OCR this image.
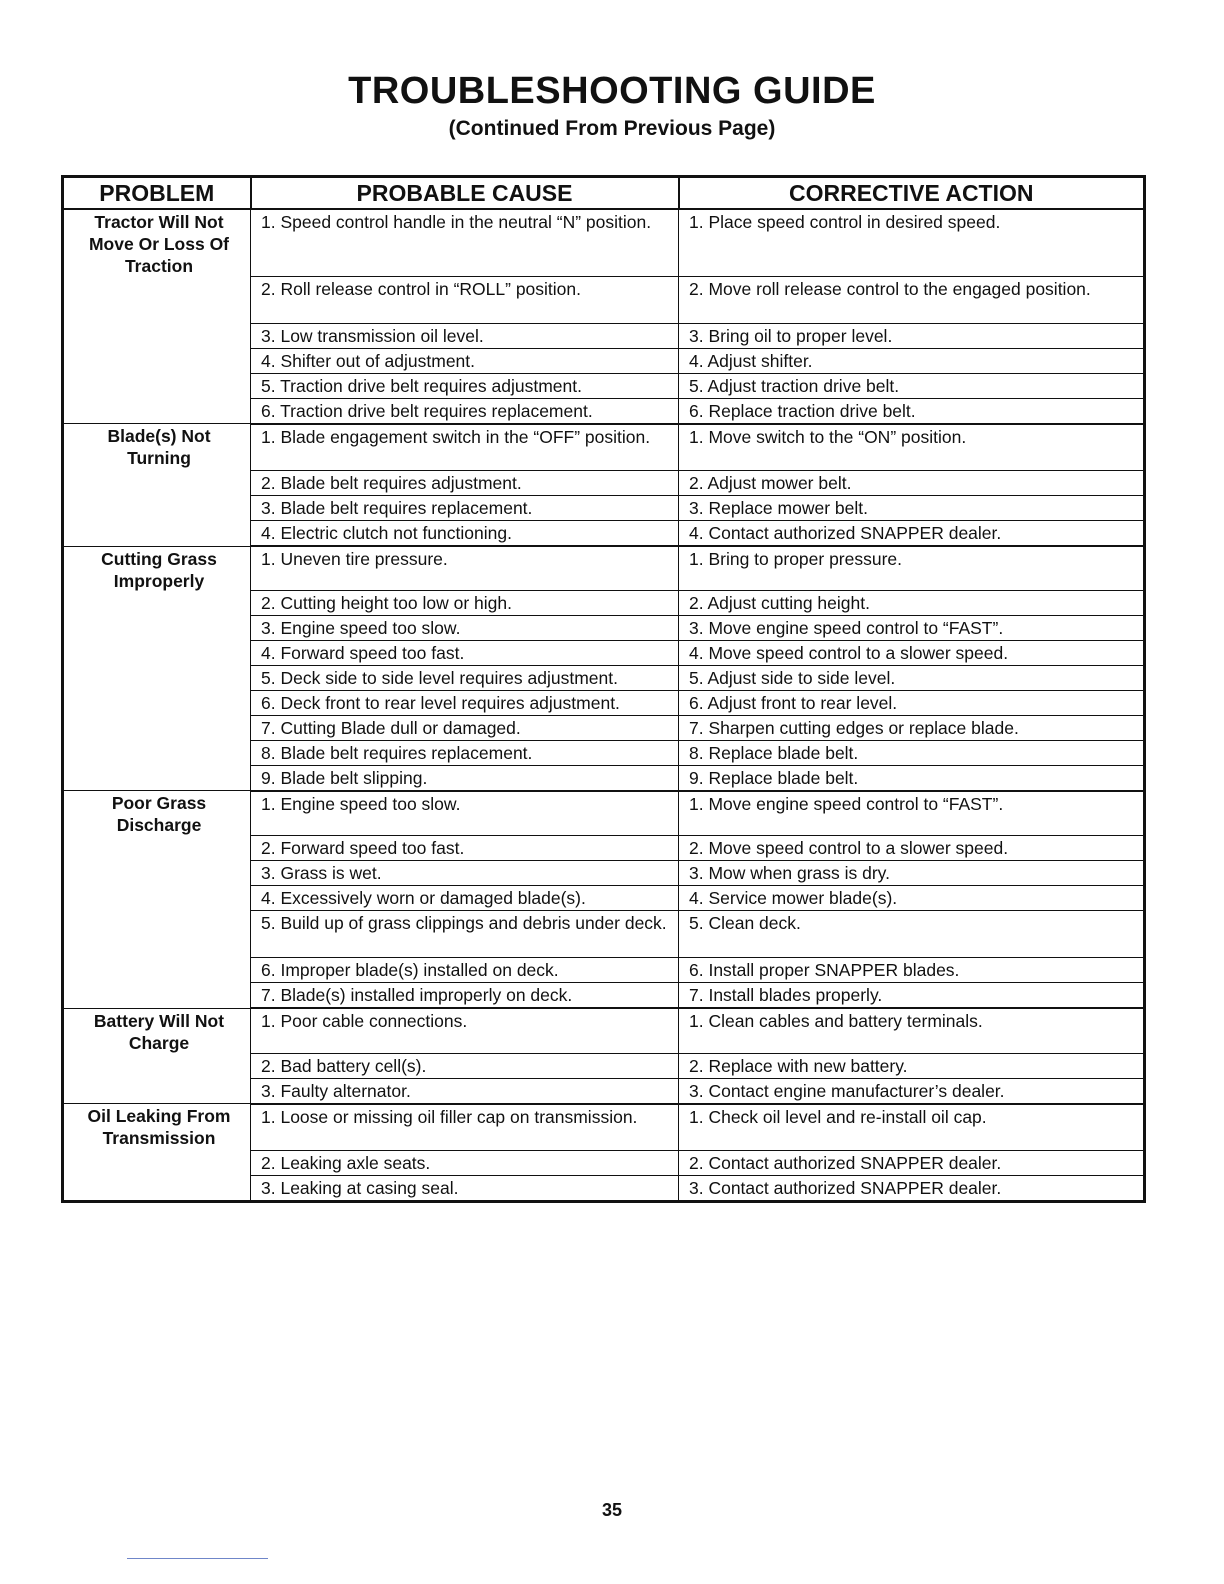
TROUBLESHOOTING GUIDE
(Continued From Previous Page)
PROBLEM	PROBABLE CAUSE	CORRECTIVE ACTION
Tractor Will Not Move Or Loss Of Traction	1. Speed control handle in the neutral “N” position.	1. Place speed control in desired speed.

	2. Roll release control in “ROLL” position.	2. Move roll release control to the engaged position.

	3. Low transmission oil level.	3. Bring oil to proper level.

	4. Shifter out of adjustment.	4. Adjust shifter.

	5. Traction drive belt requires adjustment.	5. Adjust traction drive belt.

	6. Traction drive belt requires replacement.	6. Replace traction drive belt.

Blade(s) Not Turning	1. Blade engagement switch in the “OFF” position.	1. Move switch to the “ON” position.

	2. Blade belt requires adjustment.	2. Adjust mower belt.

	3. Blade belt requires replacement.	3. Replace mower belt.

	4. Electric clutch not functioning.	4. Contact authorized SNAPPER dealer.

Cutting Grass Improperly	1. Uneven tire pressure.	1. Bring to proper pressure.

	2. Cutting height too low or high.	2. Adjust cutting height.

	3. Engine speed too slow.	3. Move engine speed control to “FAST”.

	4. Forward speed too fast.	4. Move speed control to a slower speed.

	5. Deck side to side level requires adjustment.	5. Adjust side to side level.

	6. Deck front to rear level requires adjustment.	6. Adjust front to rear level.

	7. Cutting Blade dull or damaged.	7. Sharpen cutting edges or replace blade.

	8. Blade belt requires replacement.	8. Replace blade belt.

	9. Blade belt slipping.	9. Replace blade belt.

Poor Grass Discharge	1. Engine speed too slow.	1. Move engine speed control to “FAST”.

	2. Forward speed too fast.	2. Move speed control to a slower speed.

	3. Grass is wet.	3. Mow when grass is dry.

	4. Excessively worn or damaged blade(s).	4. Service mower blade(s).

	5. Build up of grass clippings and debris under deck.	5. Clean deck.

	6. Improper blade(s) installed on deck.	6. Install proper SNAPPER blades.

	7. Blade(s) installed improperly on deck.	7. Install blades properly.

Battery Will Not Charge	1. Poor cable connections.	1. Clean cables and battery terminals.

	2. Bad battery cell(s).	2. Replace with new battery.

	3. Faulty alternator.	3. Contact engine manufacturer’s dealer.

Oil Leaking From Transmission	1. Loose or missing oil filler cap on transmission.	1. Check oil level and re-install oil cap.

	2. Leaking axle seats.	2. Contact authorized SNAPPER dealer.

	3. Leaking at casing seal.	3. Contact authorized SNAPPER dealer.
35
